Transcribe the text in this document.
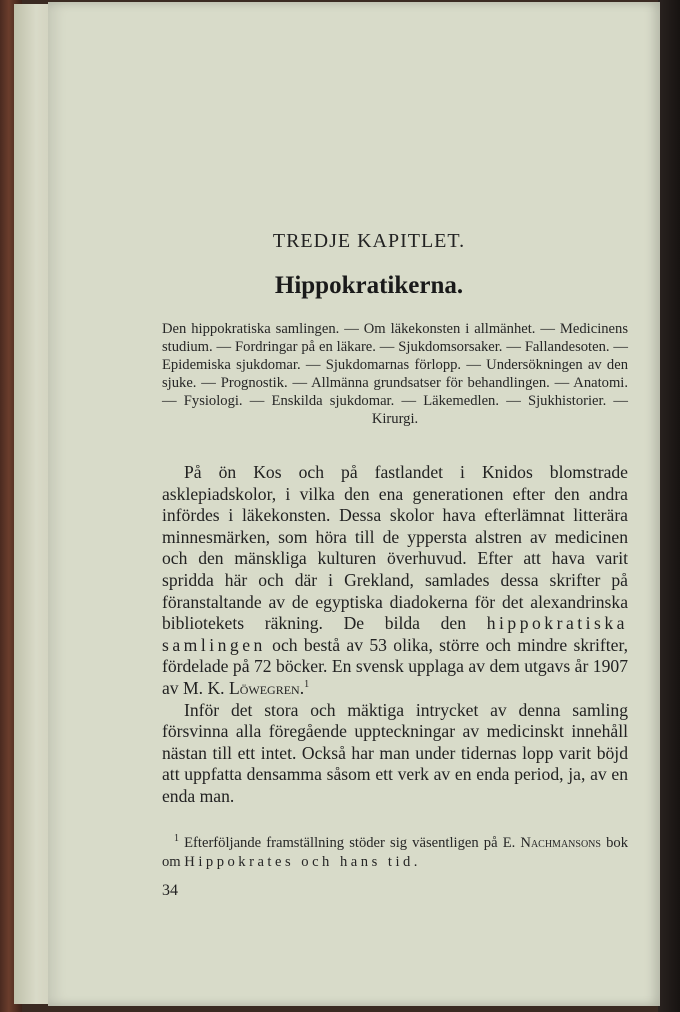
TREDJE KAPITLET.
Hippokratikerna.
Den hippokratiska samlingen. — Om läkekonsten i allmänhet. — Medicinens studium. — Fordringar på en läkare. — Sjukdomsorsaker. — Fallandesoten. — Epidemiska sjukdomar. — Sjukdomarnas förlopp. — Undersökningen av den sjuke. — Prognostik. — Allmänna grundsatser för behandlingen. — Anatomi. — Fysiologi. — Enskilda sjukdomar. — Läkemedlen. — Sjukhistorier. — Kirurgi.

På ön Kos och på fastlandet i Knidos blomstrade asklepiadskolor, i vilka den ena generationen efter den andra infördes i läkekonsten. Dessa skolor hava efterlämnat litterära minnesmärken, som höra till de yppersta alstren av medicinen och den mänskliga kulturen överhuvud. Efter att hava varit spridda här och där i Grekland, samlades dessa skrifter på föranstaltande av de egyptiska diadokerna för det alexandrinska bibliotekets räkning. De bilda den hippokratiska samlingen och bestå av 53 olika, större och mindre skrifter, fördelade på 72 böcker. En svensk upplaga av dem utgavs år 1907 av M. K. Löwegren.$^1$

Inför det stora och mäktiga intrycket av denna samling försvinna alla föregående uppteckningar av medicinskt innehåll nästan till ett intet. Också har man under tidernas lopp varit böjd att uppfatta densamma såsom ett verk av en enda period, ja, av en enda man.

$^1$ Efterföljande framställning stöder sig väsentligen på E. Nachmansons bok om Hippokrates och hans tid.

34
